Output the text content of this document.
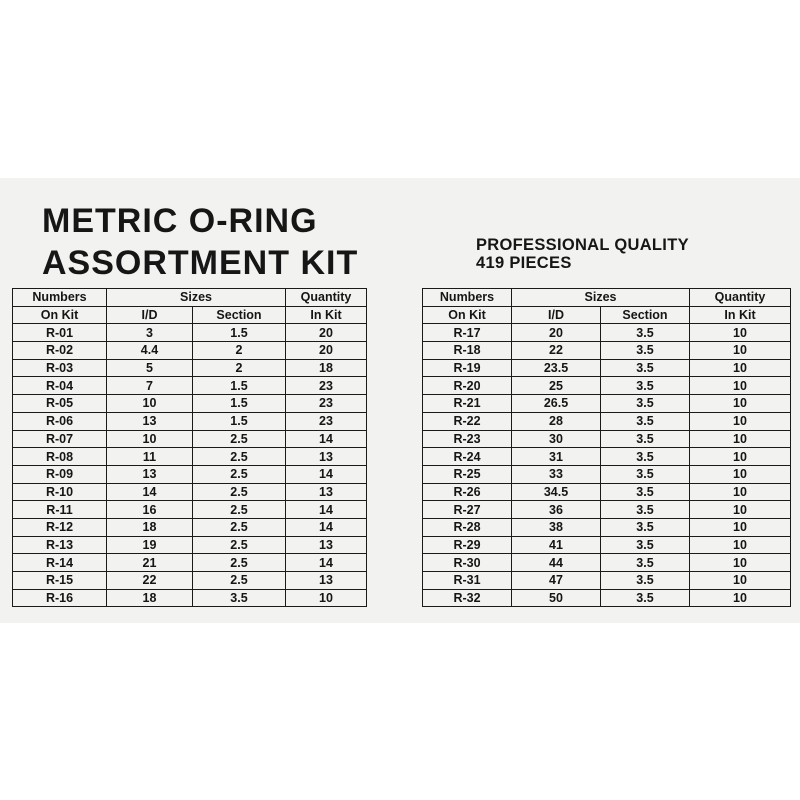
METRIC O-RING
ASSORTMENT KIT	PROFESSIONAL QUALITY
419 PIECES
Numbers	Sizes		Quantity
On Kit	I/D	Section	In Kit
R-01	3	1.5	20
R-02	4.4	2	20
R-03	5	2	18
R-04	7	1.5	23
R-05	10	1.5	23
R-06	13	1.5	23
R-07	10	2.5	14
R-08	11	2.5	13
R-09	13	2.5	14
R-10	14	2.5	13
R-11	16	2.5	14
R-12	18	2.5	14
R-13	19	2.5	13
R-14	21	2.5	14
R-15	22	2.5	13
R-16	18	3.5	10
Numbers	Sizes		Quantity
On Kit	I/D	Section	In Kit
R-17	20	3.5	10
R-18	22	3.5	10
R-19	23.5	3.5	10
R-20	25	3.5	10
R-21	26.5	3.5	10
R-22	28	3.5	10
R-23	30	3.5	10
R-24	31	3.5	10
R-25	33	3.5	10
R-26	34.5	3.5	10
R-27	36	3.5	10
R-28	38	3.5	10
R-29	41	3.5	10
R-30	44	3.5	10
R-31	47	3.5	10
R-32	50	3.5	10
